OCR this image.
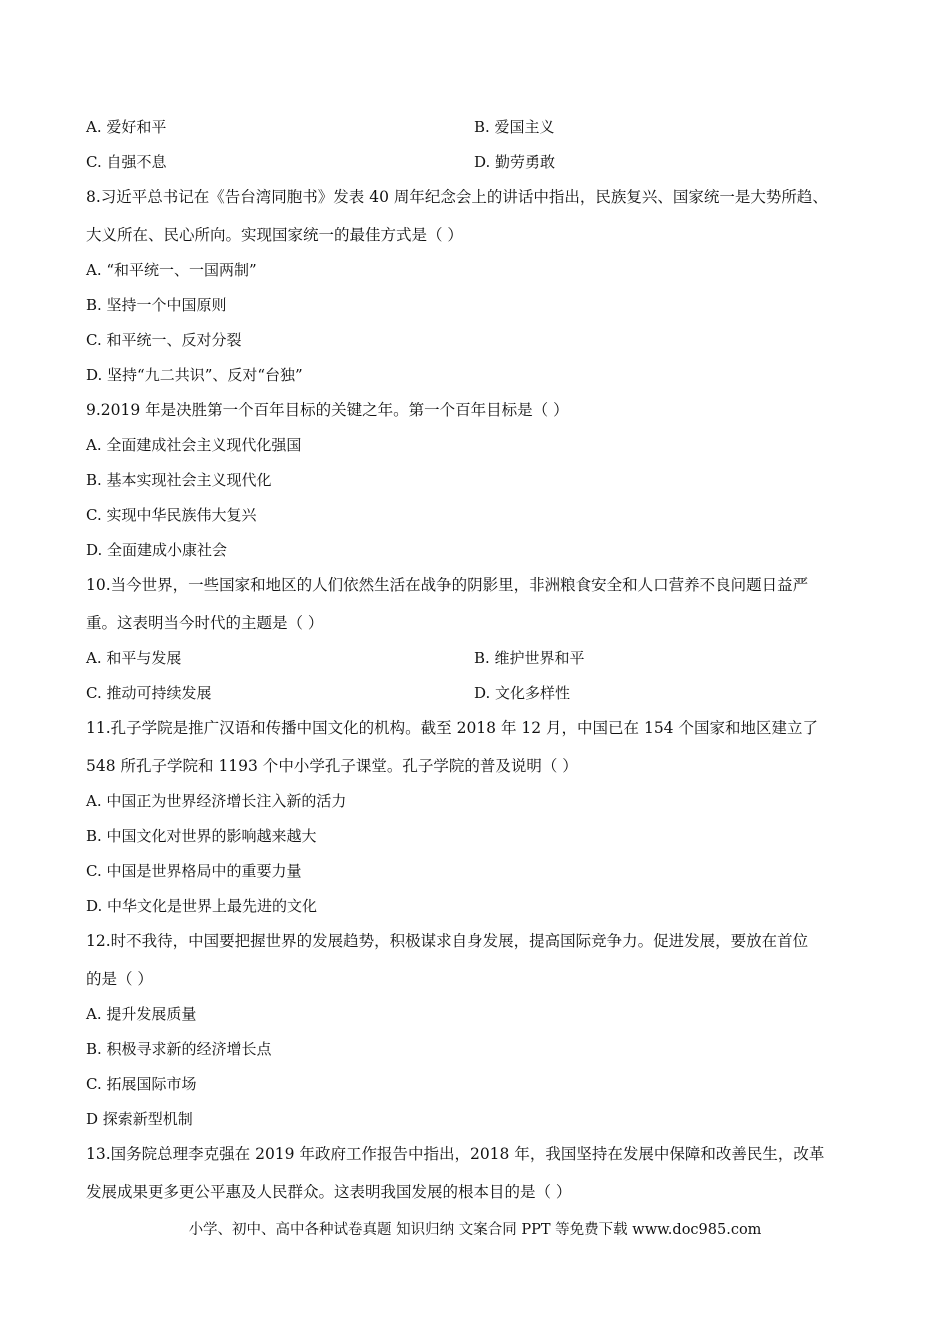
A. 爱好和平	B. 爱国主义
C. 自强不息	D. 勤劳勇敢
8.习近平总书记在《告台湾同胞书》发表 40 周年纪念会上的讲话中指出，民族复兴、国家统一是大势所趋、
大义所在、民心所向。实现国家统一的最佳方式是（ ）
A. “和平统一、一国两制”
B. 坚持一个中国原则
C. 和平统一、反对分裂
D. 坚持“九二共识”、反对“台独”
9.2019 年是决胜第一个百年目标的关键之年。第一个百年目标是（ ）
A. 全面建成社会主义现代化强国
B. 基本实现社会主义现代化
C. 实现中华民族伟大复兴
D. 全面建成小康社会
10.当今世界，一些国家和地区的人们依然生活在战争的阴影里，非洲粮食安全和人口营养不良问题日益严
重。这表明当今时代的主题是（ ）
A. 和平与发展	B. 维护世界和平
C. 推动可持续发展	D. 文化多样性
11.孔子学院是推广汉语和传播中国文化的机构。截至 2018 年 12 月，中国已在 154 个国家和地区建立了
548 所孔子学院和 1193 个中小学孔子课堂。孔子学院的普及说明（ ）
A. 中国正为世界经济增长注入新的活力
B. 中国文化对世界的影响越来越大
C. 中国是世界格局中的重要力量
D. 中华文化是世界上最先进的文化
12.时不我待，中国要把握世界的发展趋势，积极谋求自身发展，提高国际竞争力。促进发展，要放在首位
的是（ ）
A. 提升发展质量
B. 积极寻求新的经济增长点
C. 拓展国际市场
D 探索新型机制
13.国务院总理李克强在 2019 年政府工作报告中指出，2018 年，我国坚持在发展中保障和改善民生，改革
发展成果更多更公平惠及人民群众。这表明我国发展的根本目的是（ ）
小学、初中、高中各种试卷真题 知识归纳 文案合同 PPT 等免费下载 www.doc985.com
